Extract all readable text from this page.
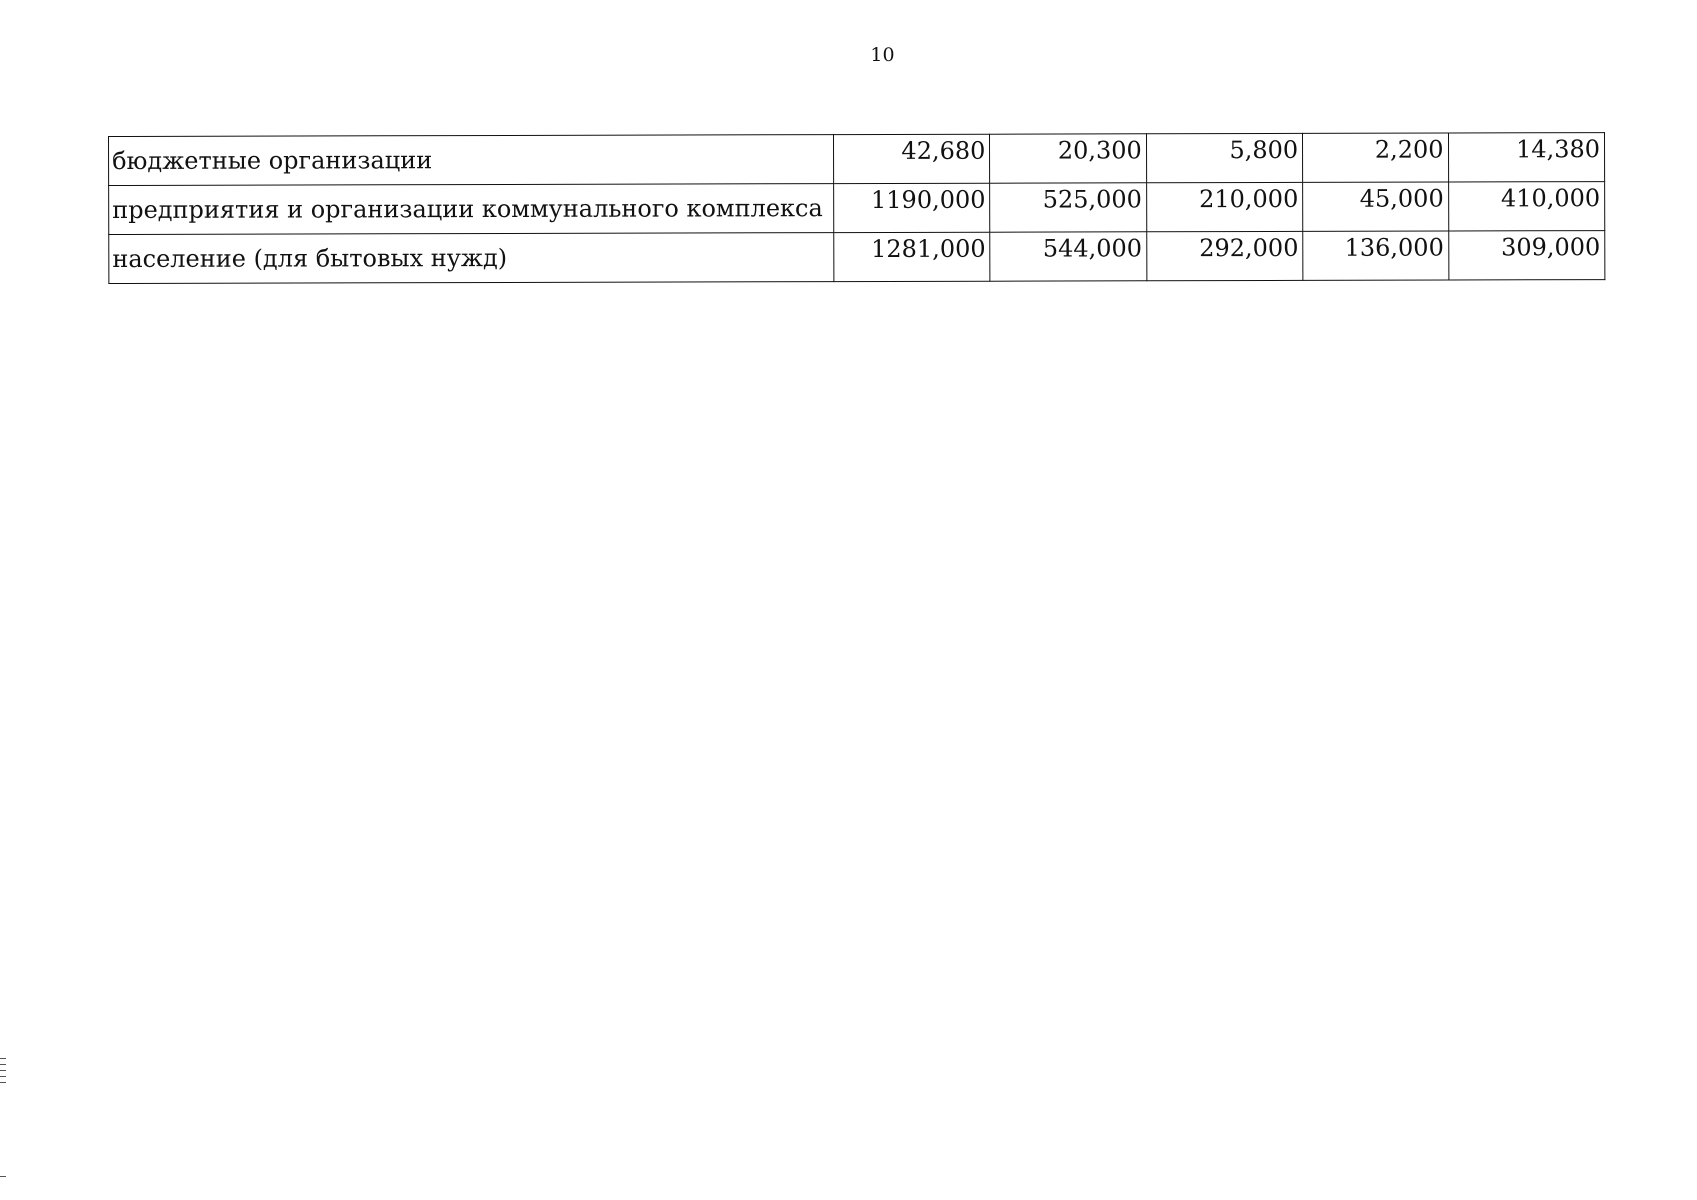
10
бюджетные организации	42,680	20,300	5,800	2,200	14,380
предприятия и организации коммунального комплекса	1190,000	525,000	210,000	45,000	410,000
население (для бытовых нужд)	1281,000	544,000	292,000	136,000	309,000
